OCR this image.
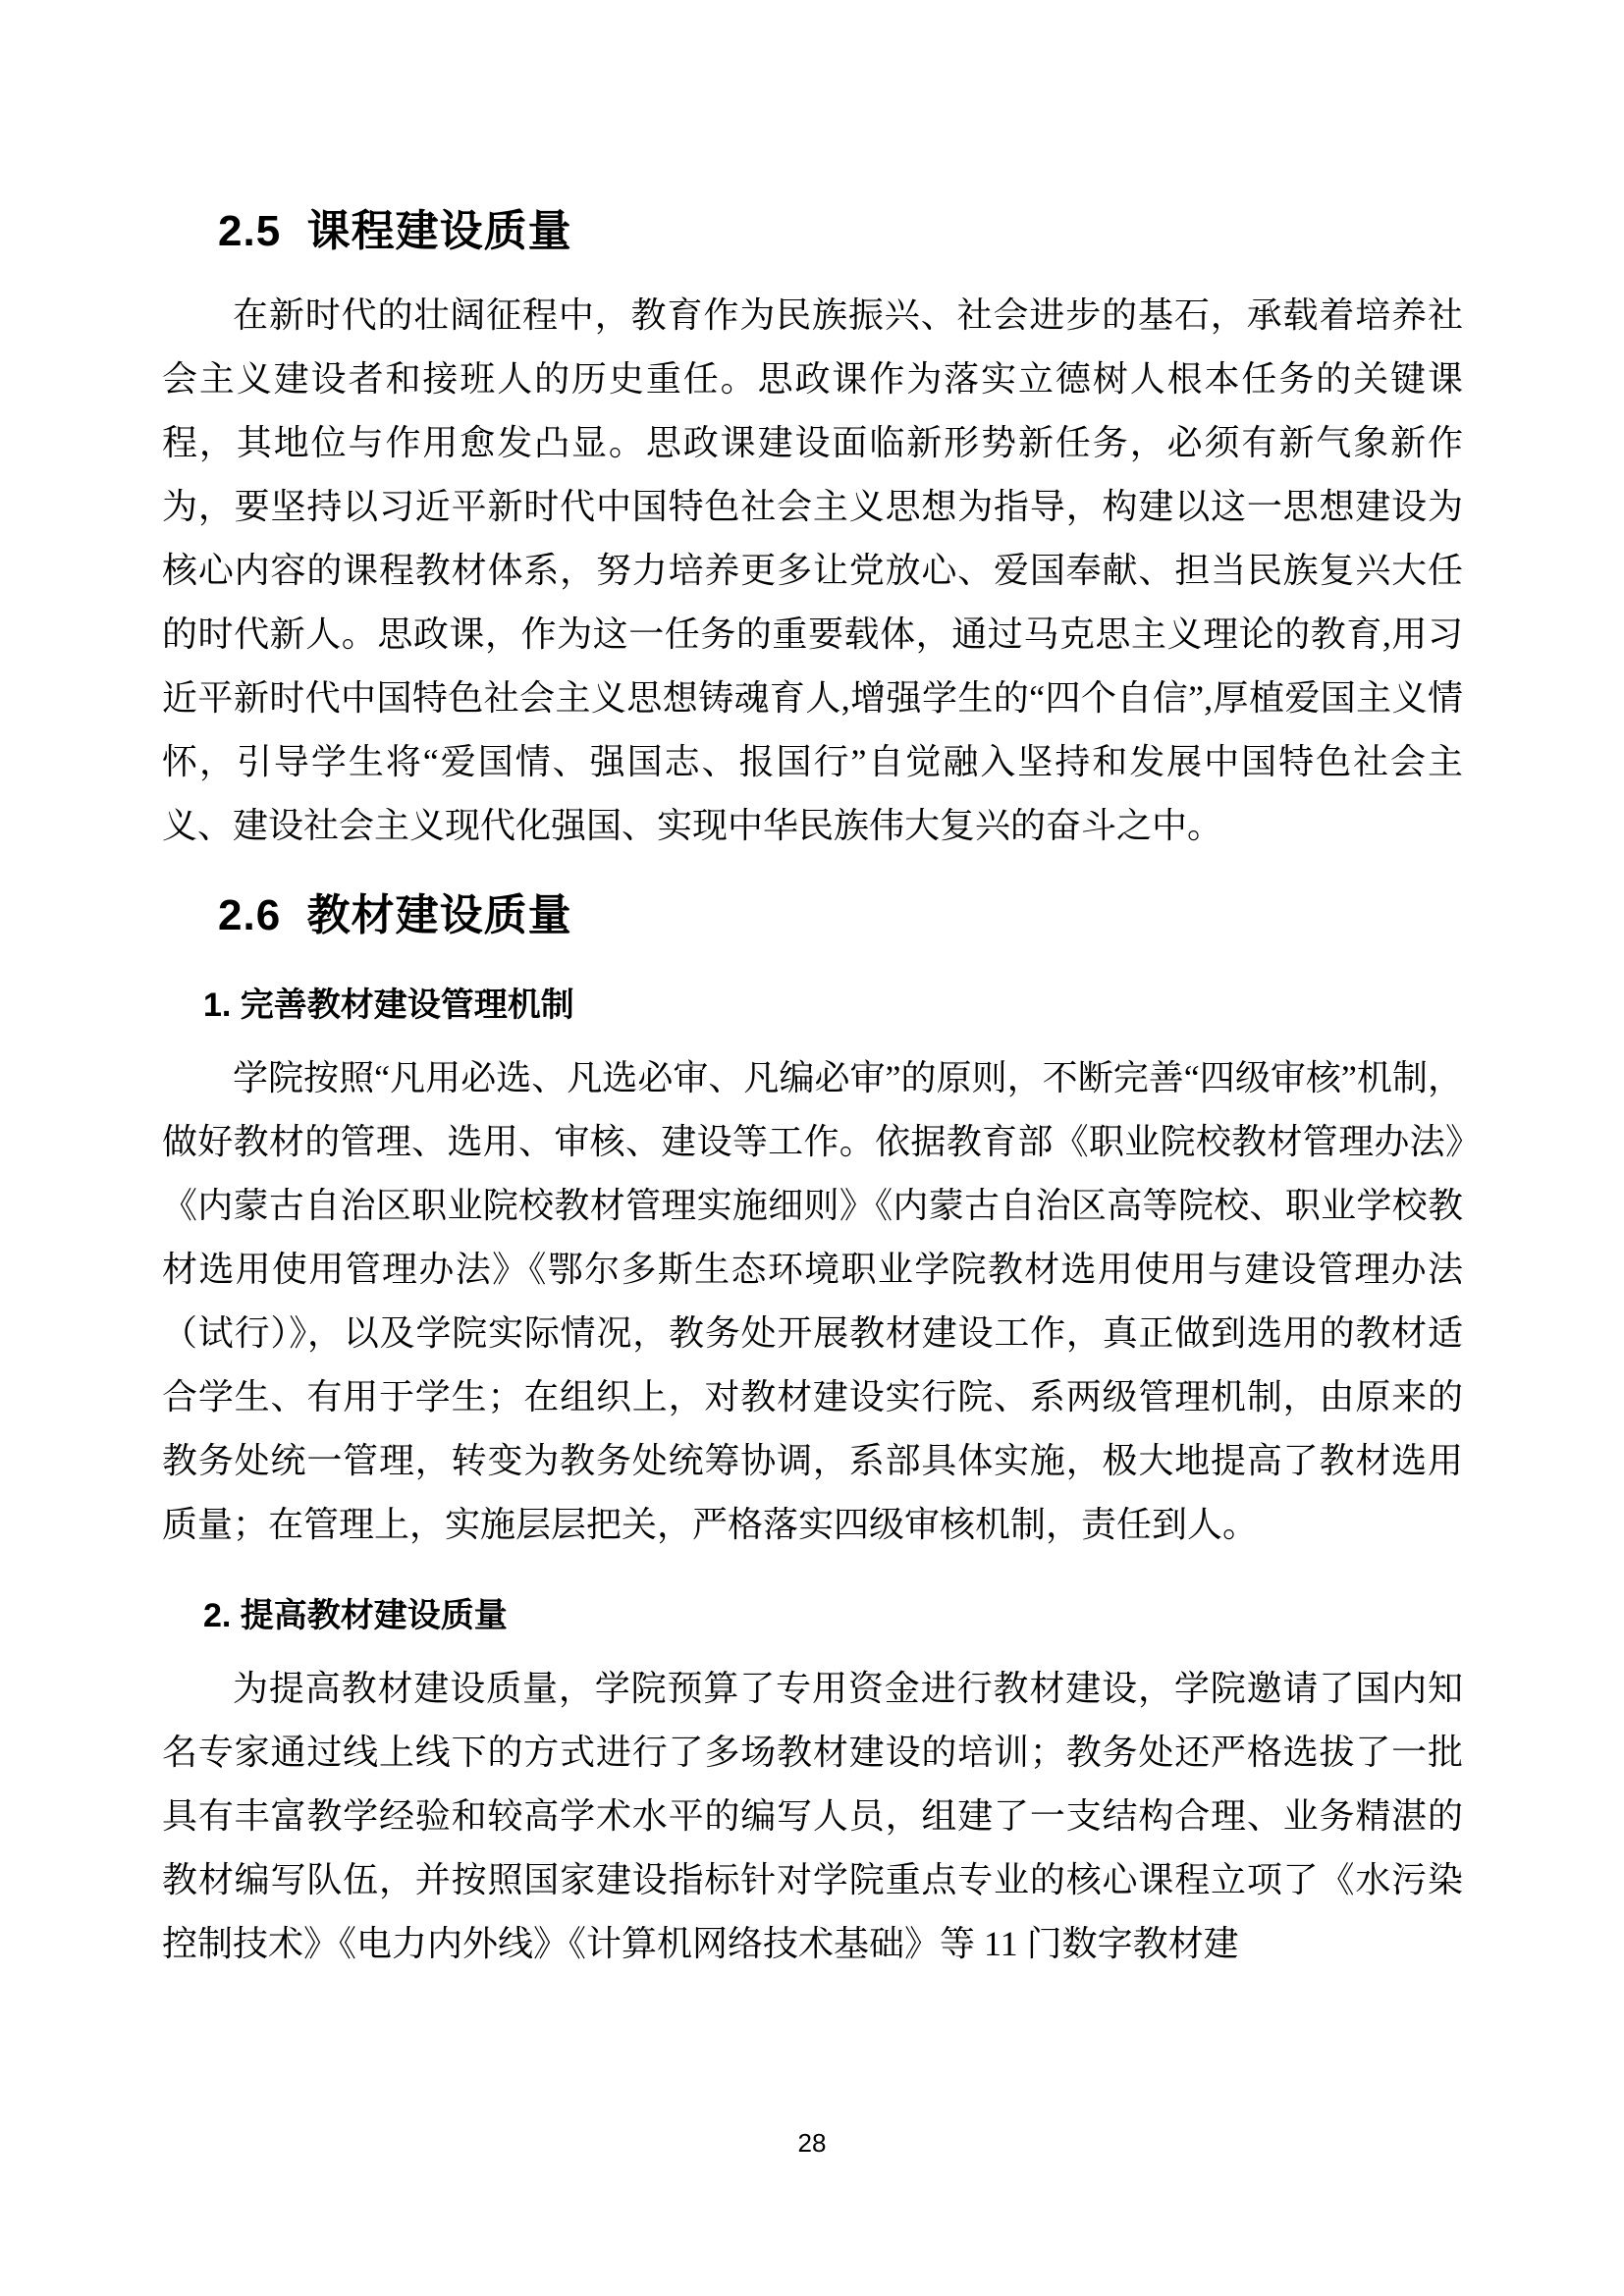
2.5  课程建设质量

在新时代的壮阔征程中，教育作为民族振兴、社会进步的基石，承载着培养社会主义建设者和接班人的历史重任。思政课作为落实立德树人根本任务的关键课程，其地位与作用愈发凸显。思政课建设面临新形势新任务，必须有新气象新作为，要坚持以习近平新时代中国特色社会主义思想为指导，构建以这一思想建设为核心内容的课程教材体系，努力培养更多让党放心、爱国奉献、担当民族复兴大任的时代新人。思政课，作为这一任务的重要载体，通过马克思主义理论的教育,用习近平新时代中国特色社会主义思想铸魂育人,增强学生的“四个自信”,厚植爱国主义情怀，引导学生将“爱国情、强国志、报国行”自觉融入坚持和发展中国特色社会主义、建设社会主义现代化强国、实现中华民族伟大复兴的奋斗之中。

2.6  教材建设质量
1. 完善教材建设管理机制

学院按照“凡用必选、凡选必审、凡编必审”的原则，不断完善“四级审核”机制，做好教材的管理、选用、审核、建设等工作。依据教育部《职业院校教材管理办法》《内蒙古自治区职业院校教材管理实施细则》《内蒙古自治区高等院校、职业学校教材选用使用管理办法》《鄂尔多斯生态环境职业学院教材选用使用与建设管理办法（试行）》，以及学院实际情况，教务处开展教材建设工作，真正做到选用的教材适合学生、有用于学生；在组织上，对教材建设实行院、系两级管理机制，由原来的教务处统一管理，转变为教务处统筹协调，系部具体实施，极大地提高了教材选用质量；在管理上，实施层层把关，严格落实四级审核机制，责任到人。

2. 提高教材建设质量

为提高教材建设质量，学院预算了专用资金进行教材建设，学院邀请了国内知名专家通过线上线下的方式进行了多场教材建设的培训；教务处还严格选拔了一批具有丰富教学经验和较高学术水平的编写人员，组建了一支结构合理、业务精湛的教材编写队伍，并按照国家建设指标针对学院重点专业的核心课程立项了《水污染控制技术》《电力内外线》《计算机网络技术基础》等 11 门数字教材建

28
